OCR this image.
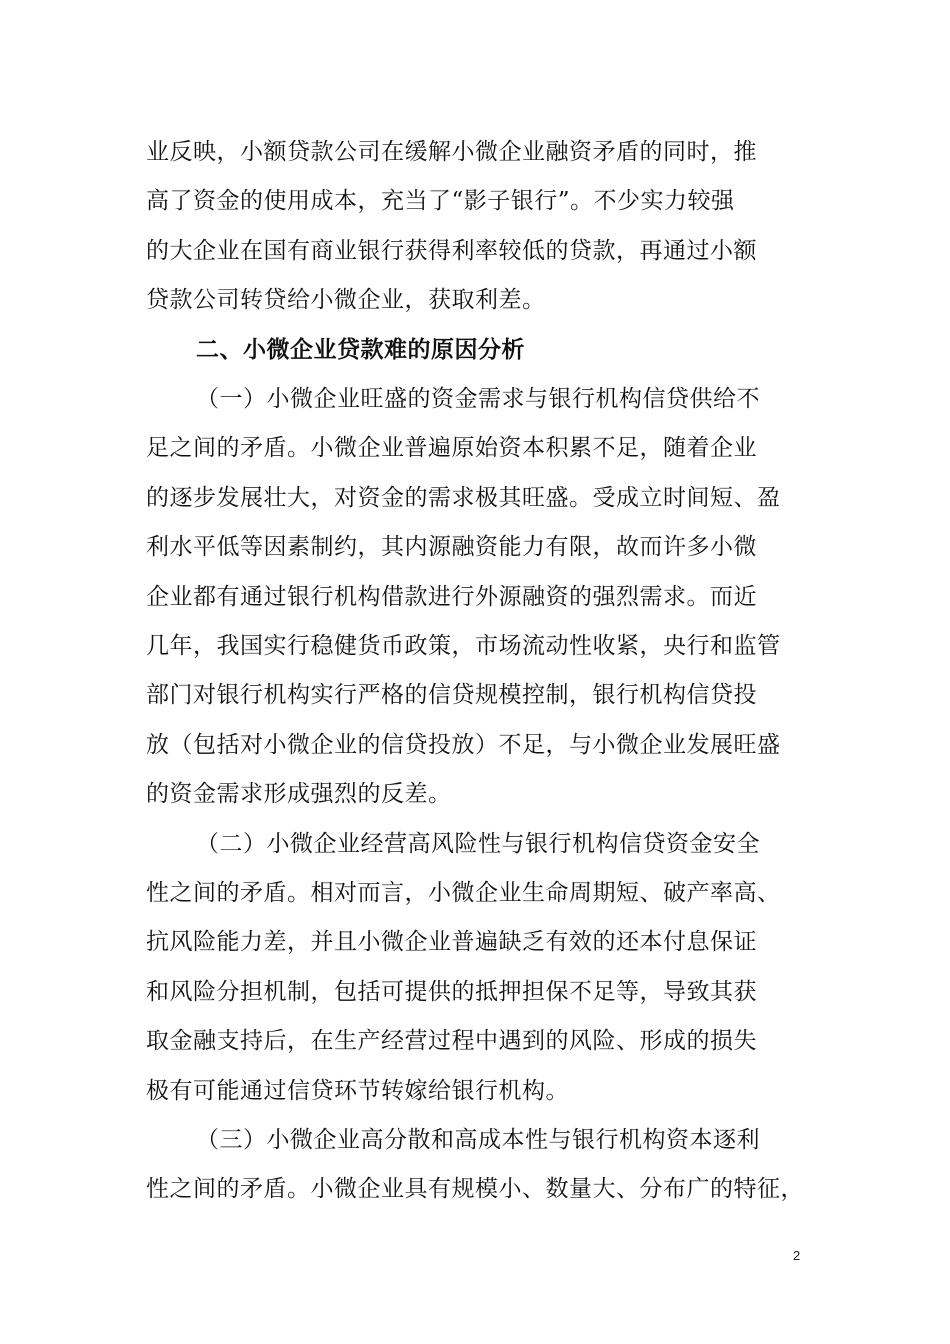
业反映，小额贷款公司在缓解小微企业融资矛盾的同时，推
高了资金的使用成本，充当了“影子银行”。不少实力较强
的大企业在国有商业银行获得利率较低的贷款，再通过小额
贷款公司转贷给小微企业，获取利差。
二、小微企业贷款难的原因分析
（一）小微企业旺盛的资金需求与银行机构信贷供给不
足之间的矛盾。小微企业普遍原始资本积累不足，随着企业
的逐步发展壮大，对资金的需求极其旺盛。受成立时间短、盈
利水平低等因素制约，其内源融资能力有限，故而许多小微
企业都有通过银行机构借款进行外源融资的强烈需求。而近
几年，我国实行稳健货币政策，市场流动性收紧，央行和监管
部门对银行机构实行严格的信贷规模控制，银行机构信贷投
放（包括对小微企业的信贷投放）不足，与小微企业发展旺盛
的资金需求形成强烈的反差。
（二）小微企业经营高风险性与银行机构信贷资金安全
性之间的矛盾。相对而言，小微企业生命周期短、破产率高、
抗风险能力差，并且小微企业普遍缺乏有效的还本付息保证
和风险分担机制，包括可提供的抵押担保不足等，导致其获
取金融支持后，在生产经营过程中遇到的风险、形成的损失
极有可能通过信贷环节转嫁给银行机构。
（三）小微企业高分散和高成本性与银行机构资本逐利
性之间的矛盾。小微企业具有规模小、数量大、分布广的特征，
2
